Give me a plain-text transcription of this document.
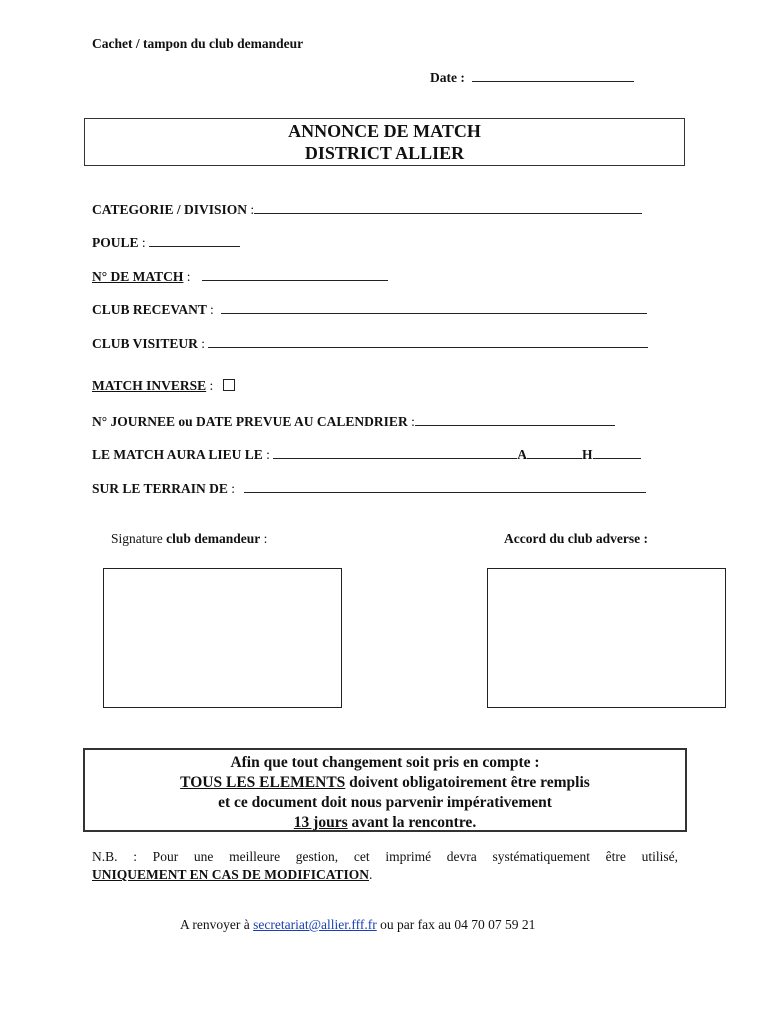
Cachet / tampon du club demandeur
Date :
ANNONCE DE MATCH
DISTRICT ALLIER
CATEGORIE / DIVISION :
POULE :
N° DE MATCH :
CLUB RECEVANT :
CLUB VISITEUR :
MATCH INVERSE :
N° JOURNEE ou DATE PREVUE AU CALENDRIER :
LE MATCH AURA LIEU LE :	A	H
SUR LE TERRAIN DE :
Signature club demandeur :	Accord du club adverse :
Afin que tout changement soit pris en compte :
TOUS LES ELEMENTS doivent obligatoirement être remplis
et ce document doit nous parvenir impérativement
13 jours avant la rencontre.
N.B. : Pour une meilleure gestion, cet imprimé devra systématiquement être utilisé,
UNIQUEMENT EN CAS DE MODIFICATION.
A renvoyer à secretariat@allier.fff.fr ou par fax au 04 70 07 59 21
